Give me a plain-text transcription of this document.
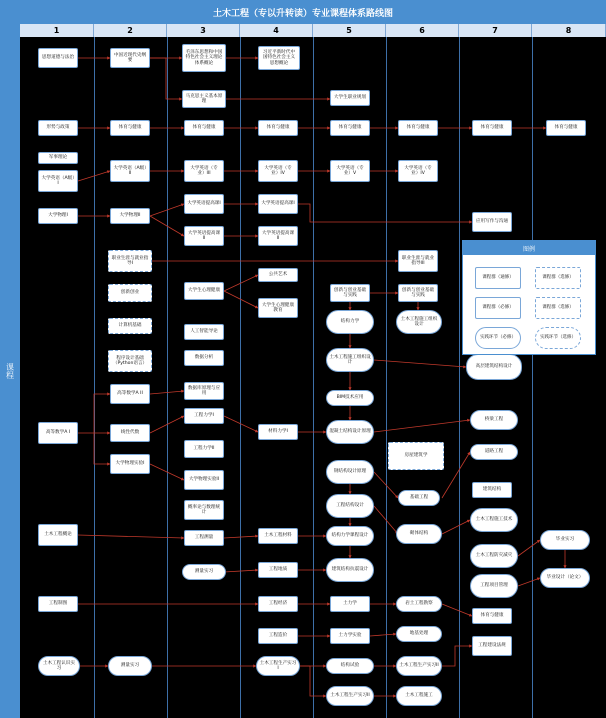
土木工程（专以升转读）专业课程体系路线图
课程
1	2	3	4	5	6	7	8
思想道德与法治
形势与政策
军事理论
大学英语（A级）I
大学物理I
高等数学A I
土木工程概论
工程制图
土木工程认识实习
中国近现代史纲要
体育与健康
大学英语（A级）II
大学物理II
职业生涯与就业指导I
创新创业
计算机基础
程序设计基础（Python语言）
高等数学A II
线性代数
大学物理实验I
测量实习
毛泽东思想和中国特色社会主义理论体系概论
马克思主义基本原理
体育与健康
大学英语（专业）III
大学英语提高课I
大学英语提高课II
大学生心理健康
人工智能导论
数据分析
数据库原理与应用
工程力学I
工程力学II
大学物理实验II
概率论与数理统计
工程测量
测量实习
习近平新时代中国特色社会主义思想概论
体育与健康
大学英语（专业）IV
大学英语提高课I
大学英语提高课II
公共艺术
大学生心理健康教育
材料力学I
土木工程材料
工程地质
工程经济
工程造价
土木工程生产实习I
大学生职业规划
体育与健康
大学英语（专业）V
创新与创业基础与实践
结构力学
土木工程施工组织设计
BIM技术应用
混凝土结构设计原理
钢结构设计原理
工程结构设计
结构力学课程设计
建筑结构抗震设计
土力学
土力学实验
结构试验
土木工程生产实习II
体育与健康
大学英语（专业）IV
职业生涯与就业指导III
创新与创业基础与实践
土木工程施工组织设计
房屋建筑学
基础工程
砌体结构
岩土工程勘察
地基处理
土木工程生产实习II
土木工程施工
体育与健康
应用写作与沟通
高层建筑结构设计
桥梁工程
道路工程
建筑结构
土木工程施工技术
土木工程防灾减灾
工程项目管理
体育与健康
工程建设法规
体育与健康
毕业实习
毕业设计（论文）
图例
课程群（通修）	课程群（选修）
课程群（必修）	课程群（选修）
实践环节（必修）	实践环节（选修）
